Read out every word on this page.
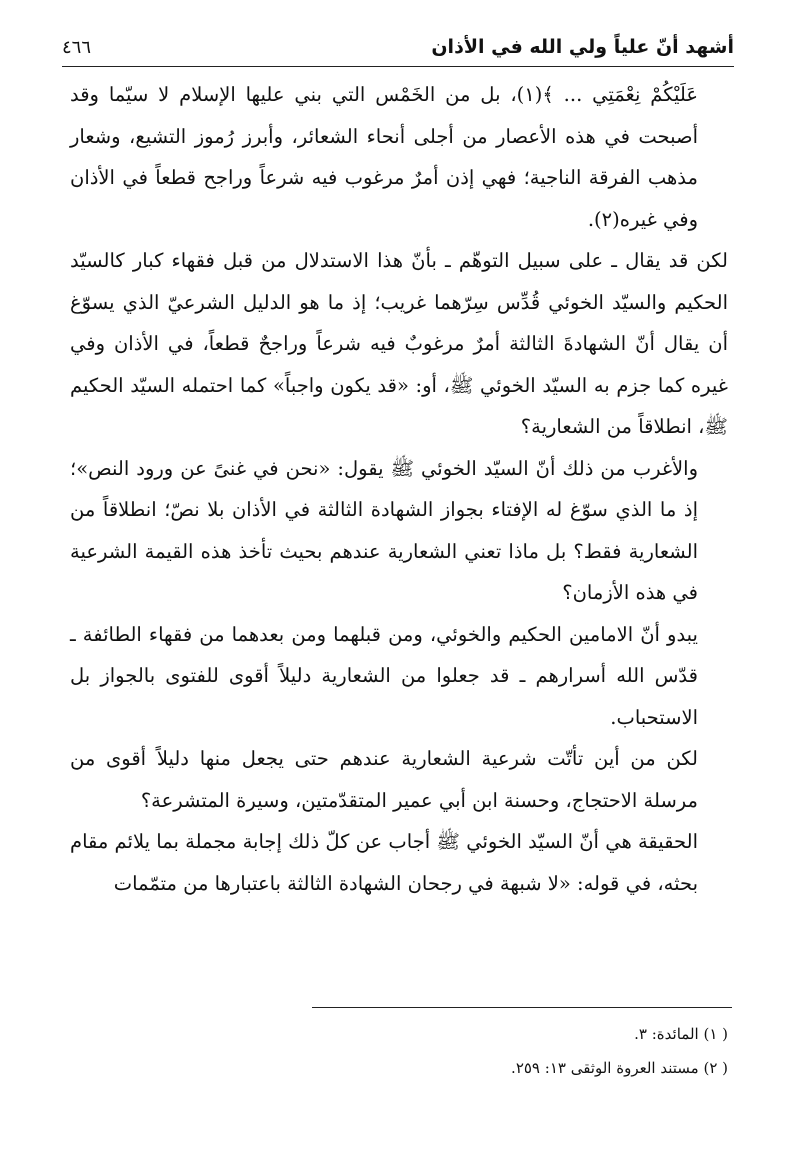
أشهد أنّ علياً ولي الله في الأذان
٤٦٦

عَلَيْكُمْ نِعْمَتِي ... ﴾(١)، بل من الخَمْس التي بني عليها الإسلام لا سيّما وقد أصبحت في هذه الأعصار من أجلى أنحاء الشعائر، وأبرز رُموز التشيع، وشعار مذهب الفرقة الناجية؛ فهي إذن أمرٌ مرغوب فيه شرعاً وراجح قطعاً في الأذان وفي غيره(٢).

لكن قد يقال ـ على سبيل التوهّم ـ بأنّ هذا الاستدلال من قبل فقهاء كبار كالسيّد الحكيم والسيّد الخوئي قُدِّس سِرّهما غريب؛ إذ ما هو الدليل الشرعيّ الذي يسوّغ أن يقال أنّ الشهادةَ الثالثة أمرٌ مرغوبٌ فيه شرعاً وراجحٌ قطعاً، في الأذان وفي غيره كما جزم به السيّد الخوئي ﷺ، أو: «قد يكون واجباً» كما احتمله السيّد الحكيم ﷺ، انطلاقاً من الشعارية؟

والأغرب من ذلك أنّ السيّد الخوئي ﷺ يقول: «نحن في غنىً عن ورود النص»؛ إذ ما الذي سوّغ له الإفتاء بجواز الشهادة الثالثة في الأذان بلا نصّ؛ انطلاقاً من الشعارية فقط؟ بل ماذا تعني الشعارية عندهم بحيث تأخذ هذه القيمة الشرعية في هذه الأزمان؟

يبدو أنّ الامامين الحكيم والخوئي، ومن قبلهما ومن بعدهما من فقهاء الطائفة ـ قدّس الله أسرارهم ـ قد جعلوا من الشعارية دليلاً أقوى للفتوى بالجواز بل الاستحباب.

لكن من أين تأتّت شرعية الشعارية عندهم حتى يجعل منها دليلاً أقوى من مرسلة الاحتجاج، وحسنة ابن أبي عمير المتقدّمتين، وسيرة المتشرعة؟

الحقيقة هي أنّ السيّد الخوئي ﷺ أجاب عن كلّ ذلك إجابة مجملة بما يلائم مقام بحثه، في قوله: «لا شبهة في رجحان الشهادة الثالثة باعتبارها من متمّمات

( ١) المائدة: ٣.

( ٢) مستند العروة الوثقى ١٣: ٢٥٩.
